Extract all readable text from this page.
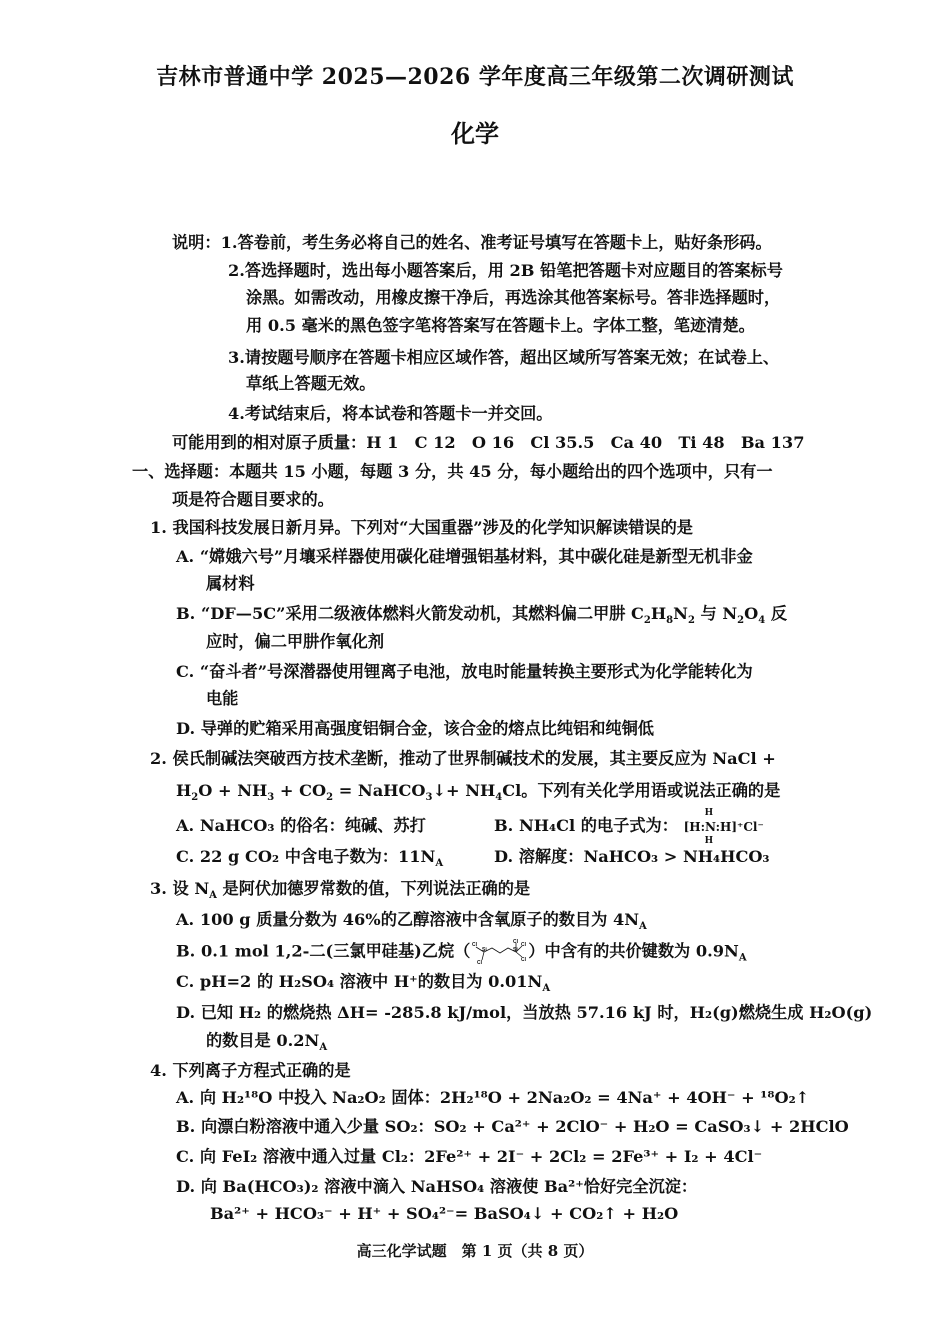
吉林市普通中学 2025—2026 学年度高三年级第二次调研测试
化学
说明：1.答卷前，考生务必将自己的姓名、准考证号填写在答题卡上，贴好条形码。
2.答选择题时，选出每小题答案后，用 2B 铅笔把答题卡对应题目的答案标号
涂黑。如需改动，用橡皮擦干净后，再选涂其他答案标号。答非选择题时，
用 0.5 毫米的黑色签字笔将答案写在答题卡上。字体工整，笔迹清楚。
3.请按题号顺序在答题卡相应区域作答，超出区域所写答案无效；在试卷上、
草纸上答题无效。
4.考试结束后，将本试卷和答题卡一并交回。
可能用到的相对原子质量：H 1　C 12　O 16　Cl 35.5　Ca 40　Ti 48　Ba 137
一、选择题：本题共 15 小题，每题 3 分，共 45 分，每小题给出的四个选项中，只有一
项是符合题目要求的。
1. 我国科技发展日新月异。下列对“大国重器”涉及的化学知识解读错误的是
A. “嫦娥六号”月壤采样器使用碳化硅增强铝基材料，其中碳化硅是新型无机非金
属材料
B. “DF—5C”采用二级液体燃料火箭发动机，其燃料偏二甲肼 $C_2H_8N_2$ 与 $N_2O_4$ 反
应时，偏二甲肼作氧化剂
C. “奋斗者”号深潜器使用锂离子电池，放电时能量转换主要形式为化学能转化为
电能
D. 导弹的贮箱采用高强度铝铜合金，该合金的熔点比纯铝和纯铜低
2. 侯氏制碱法突破西方技术垄断，推动了世界制碱技术的发展，其主要反应为 NaCl +
$H_2O + NH_3 + CO_2$ = NaHCO$_3$↓+ $NH_4Cl$。下列有关化学用语或说法正确的是
A. NaHCO₃ 的俗名：纯碱、苏打	B. NH₄Cl 的电子式为：
H
[H:N:H]⁺Cl⁻
H
C. 22 g CO₂ 中含电子数为：$11N_A$	D. 溶解度：NaHCO₃ > NH₄HCO₃
3. 设 $N_A$ 是阿伏加德罗常数的值，下列说法正确的是
A. 100 g 质量分数为 46%的乙醇溶液中含氧原子的数目为 $4N_A$
B. 0.1 mol 1,2-二(三氯甲硅基)乙烷（ Cl
Si
Cl
Si
Cl
Cl
Cl ）中含有的共价键数为 $0.9N_A$
C. pH=2 的 H₂SO₄ 溶液中 H⁺的数目为 $0.01N_A$
D. 已知 H₂ 的燃烧热 ΔH= -285.8 kJ/mol，当放热 57.16 kJ 时，H₂(g)燃烧生成 H₂O(g)
的数目是 $0.2N_A$
4. 下列离子方程式正确的是
A. 向 H₂¹⁸O 中投入 Na₂O₂ 固体：2H₂¹⁸O + 2Na₂O₂ = 4Na⁺ + 4OH⁻ + ¹⁸O₂↑
B. 向漂白粉溶液中通入少量 SO₂：SO₂ + Ca²⁺ + 2ClO⁻ + H₂O = CaSO₃↓ + 2HClO
C. 向 FeI₂ 溶液中通入过量 Cl₂：2Fe²⁺ + 2I⁻ + 2Cl₂ = 2Fe³⁺ + I₂ + 4Cl⁻
D. 向 Ba(HCO₃)₂ 溶液中滴入 NaHSO₄ 溶液使 Ba²⁺恰好完全沉淀：
Ba²⁺ + HCO₃⁻ + H⁺ + SO₄²⁻= BaSO₄↓ + CO₂↑ + H₂O
高三化学试题　第 1 页（共 8 页）
